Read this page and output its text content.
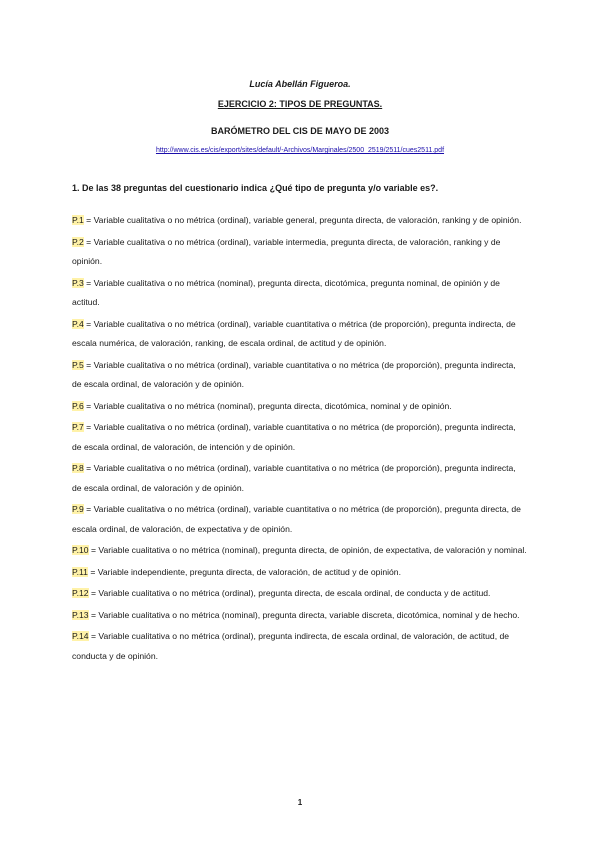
Lucía Abellán Figueroa.
EJERCICIO 2: TIPOS DE PREGUNTAS.
BARÓMETRO DEL CIS DE MAYO DE 2003
http://www.cis.es/cis/export/sites/default/-Archivos/Marginales/2500_2519/2511/cues2511.pdf
1. De las 38 preguntas del cuestionario indica ¿Qué tipo de pregunta y/o variable es?.

P.1 = Variable cualitativa o no métrica (ordinal), variable general, pregunta directa, de valoración, ranking y de opinión.

P.2 = Variable cualitativa o no métrica (ordinal), variable intermedia, pregunta directa, de valoración, ranking y de opinión.

P.3 = Variable cualitativa o no métrica (nominal), pregunta directa, dicotómica, pregunta nominal, de opinión y de actitud.

P.4 = Variable cualitativa o no métrica (ordinal), variable cuantitativa o métrica (de proporción), pregunta indirecta, de escala numérica, de valoración, ranking, de escala ordinal, de actitud y de opinión.

P.5 = Variable cualitativa o no métrica (ordinal), variable cuantitativa o no métrica (de proporción), pregunta indirecta, de escala ordinal, de valoración y de opinión.

P.6 = Variable cualitativa o no métrica (nominal), pregunta directa, dicotómica, nominal y de opinión.

P.7 = Variable cualitativa o no métrica (ordinal), variable cuantitativa o no métrica (de proporción), pregunta indirecta, de escala ordinal, de valoración, de intención y de opinión.

P.8 = Variable cualitativa o no métrica (ordinal), variable cuantitativa o no métrica (de proporción), pregunta indirecta, de escala ordinal, de valoración y de opinión.

P.9 = Variable cualitativa o no métrica (ordinal), variable cuantitativa o no métrica (de proporción), pregunta directa, de escala ordinal, de valoración, de expectativa y de opinión.

P.10 = Variable cualitativa o no métrica (nominal), pregunta directa, de opinión, de expectativa, de valoración y nominal.

P.11 = Variable independiente, pregunta directa, de valoración, de actitud y de opinión.

P.12 = Variable cualitativa o no métrica (ordinal), pregunta directa, de escala ordinal, de conducta y de actitud.

P.13 = Variable cualitativa o no métrica (nominal), pregunta directa, variable discreta, dicotómica, nominal y de hecho.

P.14 = Variable cualitativa o no métrica (ordinal), pregunta indirecta, de escala ordinal, de valoración, de actitud, de conducta y de opinión.

1
